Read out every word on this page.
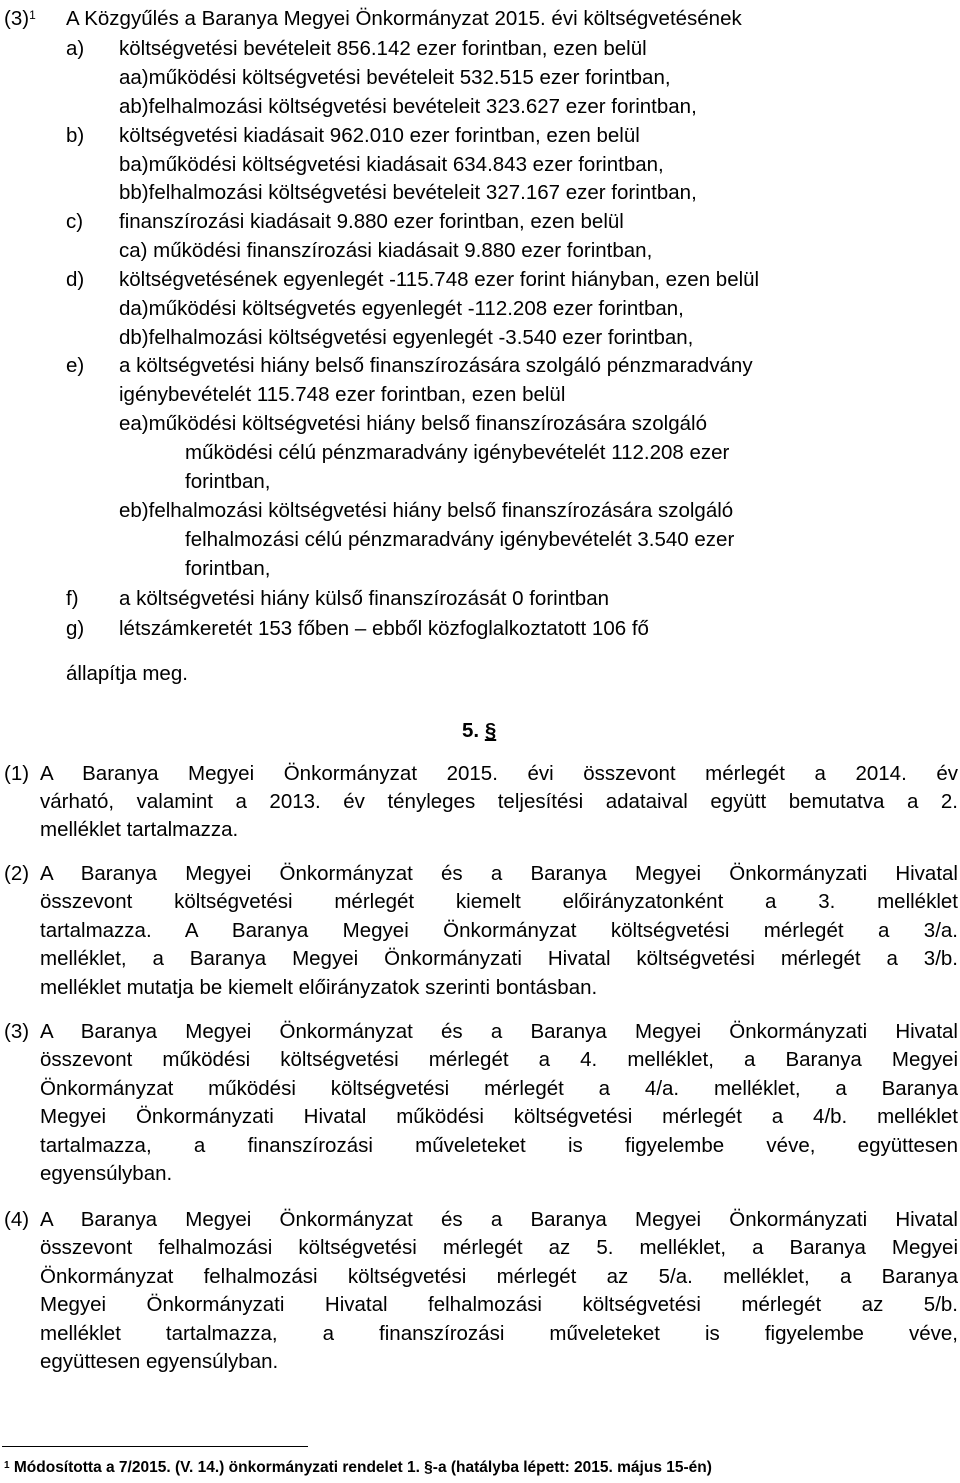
$(3)^1$ A Közgyűlés a Baranya Megyei Önkormányzat 2015. évi költségvetésének
a) költségvetési bevételeit 856.142 ezer forintban, ezen belül
aa)működési költségvetési bevételeit 532.515 ezer forintban,
ab)felhalmozási költségvetési bevételeit 323.627 ezer forintban,
b) költségvetési kiadásait 962.010 ezer forintban, ezen belül
ba)működési költségvetési kiadásait 634.843 ezer forintban,
bb)felhalmozási költségvetési bevételeit 327.167 ezer forintban,
c) finanszírozási kiadásait 9.880 ezer forintban, ezen belül
ca) működési finanszírozási kiadásait 9.880 ezer forintban,
d) költségvetésének egyenlegét -115.748 ezer forint hiányban, ezen belül
da)működési költségvetés egyenlegét -112.208 ezer forintban,
db)felhalmozási költségvetési egyenlegét -3.540 ezer forintban,
e) a költségvetési hiány belső finanszírozására szolgáló pénzmaradvány
igénybevételét 115.748 ezer forintban, ezen belül
ea)működési költségvetési hiány belső finanszírozására szolgáló
működési célú pénzmaradvány igénybevételét 112.208 ezer
forintban,
eb)felhalmozási költségvetési hiány belső finanszírozására szolgáló
felhalmozási célú pénzmaradvány igénybevételét 3.540 ezer
forintban,
f) a költségvetési hiány külső finanszírozását 0 forintban
g) létszámkeretét 153 főben – ebből közfoglalkoztatott 106 fő
állapítja meg.
5. §
(1) A Baranya Megyei Önkormányzat 2015. évi összevont mérlegét a 2014. év
várható, valamint a 2013. év tényleges teljesítési adataival együtt bemutatva a 2.
melléklet tartalmazza.
(2) A Baranya Megyei Önkormányzat és a Baranya Megyei Önkormányzati Hivatal
összevont költségvetési mérlegét kiemelt előirányzatonként a 3. melléklet
tartalmazza. A Baranya Megyei Önkormányzat költségvetési mérlegét a 3/a.
melléklet, a Baranya Megyei Önkormányzati Hivatal költségvetési mérlegét a 3/b.
melléklet mutatja be kiemelt előirányzatok szerinti bontásban.
(3) A Baranya Megyei Önkormányzat és a Baranya Megyei Önkormányzati Hivatal
összevont működési költségvetési mérlegét a 4. melléklet, a Baranya Megyei
Önkormányzat működési költségvetési mérlegét a 4/a. melléklet, a Baranya
Megyei Önkormányzati Hivatal működési költségvetési mérlegét a 4/b. melléklet
tartalmazza, a finanszírozási műveleteket is figyelembe véve, együttesen
egyensúlyban.
(4) A Baranya Megyei Önkormányzat és a Baranya Megyei Önkormányzati Hivatal
összevont felhalmozási költségvetési mérlegét az 5. melléklet, a Baranya Megyei
Önkormányzat felhalmozási költségvetési mérlegét az 5/a. melléklet, a Baranya
Megyei Önkormányzati Hivatal felhalmozási költségvetési mérlegét az 5/b.
melléklet tartalmazza, a finanszírozási műveleteket is figyelembe véve,
együttesen egyensúlyban.
$^1$ Módosította a 7/2015. (V. 14.) önkormányzati rendelet 1. §-a (hatályba lépett: 2015. május 15-én)
